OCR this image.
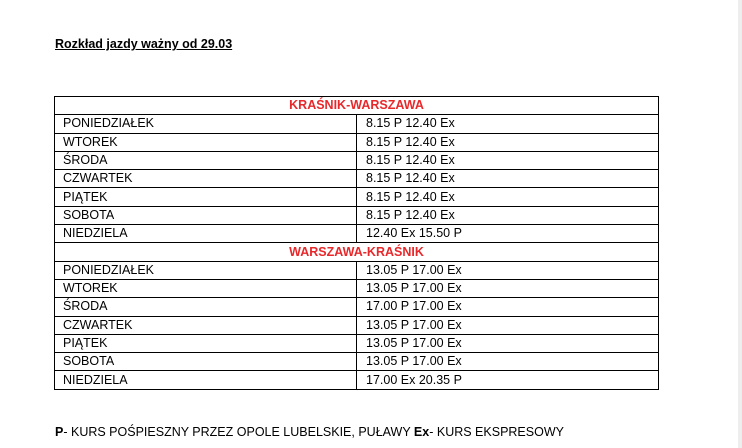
Rozkład jazdy ważny od 29.03
KRAŚNIK-WARSZAWA	
PONIEDZIAŁEK	8.15 P 12.40 Ex
WTOREK	8.15 P 12.40 Ex
ŚRODA	8.15 P 12.40 Ex
CZWARTEK	8.15 P 12.40 Ex
PIĄTEK	8.15 P 12.40 Ex
SOBOTA	8.15 P 12.40 Ex
NIEDZIELA	12.40 Ex 15.50 P
WARSZAWA-KRAŚNIK	
PONIEDZIAŁEK	13.05 P 17.00 Ex
WTOREK	13.05 P 17.00 Ex
ŚRODA	17.00 P 17.00 Ex
CZWARTEK	13.05 P 17.00 Ex
PIĄTEK	13.05 P 17.00 Ex
SOBOTA	13.05 P 17.00 Ex
NIEDZIELA	17.00 Ex 20.35 P
P- KURS POŚPIESZNY PRZEZ OPOLE LUBELSKIE, PUŁAWY Ex- KURS EKSPRESOWY
